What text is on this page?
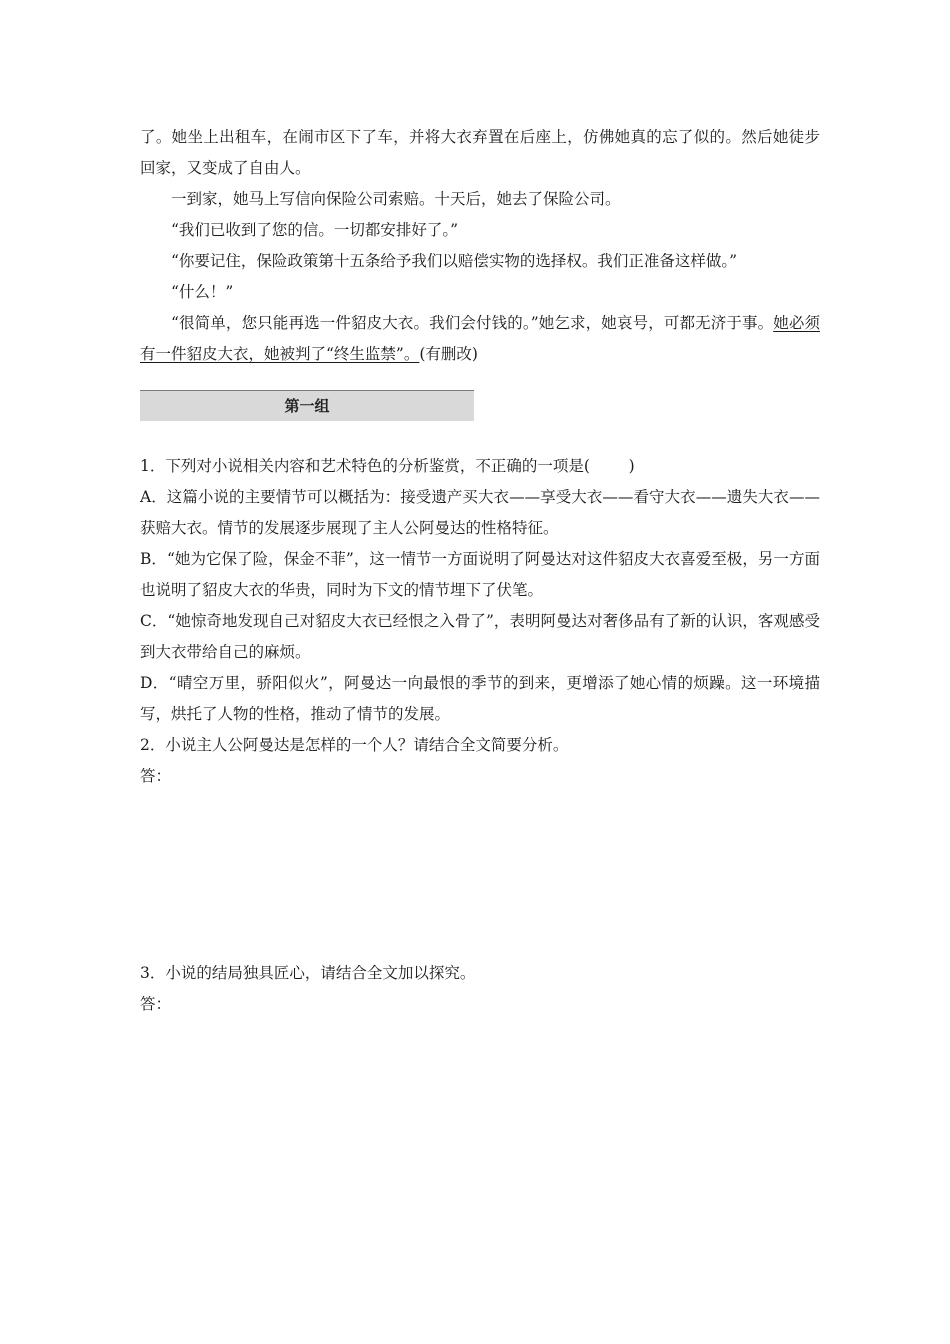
了。她坐上出租车，在闹市区下了车，并将大衣弃置在后座上，仿佛她真的忘了似的。然后她徒步回家，又变成了自由人。

一到家，她马上写信向保险公司索赔。十天后，她去了保险公司。

“我们已收到了您的信。一切都安排好了。”

“你要记住，保险政策第十五条给予我们以赔偿实物的选择权。我们正准备这样做。”

“什么！”

“很简单，您只能再选一件貂皮大衣。我们会付钱的。”她乞求，她哀号，可都无济于事。她必须有一件貂皮大衣，她被判了“终生监禁”。(有删改)

第一组

1．下列对小说相关内容和艺术特色的分析鉴赏，不正确的一项是(	)

A．这篇小说的主要情节可以概括为：接受遗产买大衣——享受大衣——看守大衣——遗失大衣——获赔大衣。情节的发展逐步展现了主人公阿曼达的性格特征。

B．“她为它保了险，保金不菲”，这一情节一方面说明了阿曼达对这件貂皮大衣喜爱至极，另一方面也说明了貂皮大衣的华贵，同时为下文的情节埋下了伏笔。

C．“她惊奇地发现自己对貂皮大衣已经恨之入骨了”，表明阿曼达对奢侈品有了新的认识，客观感受到大衣带给自己的麻烦。

D．“晴空万里，骄阳似火”，阿曼达一向最恨的季节的到来，更增添了她心情的烦躁。这一环境描写，烘托了人物的性格，推动了情节的发展。

2．小说主人公阿曼达是怎样的一个人？请结合全文简要分析。

答：

3．小说的结局独具匠心，请结合全文加以探究。

答：
